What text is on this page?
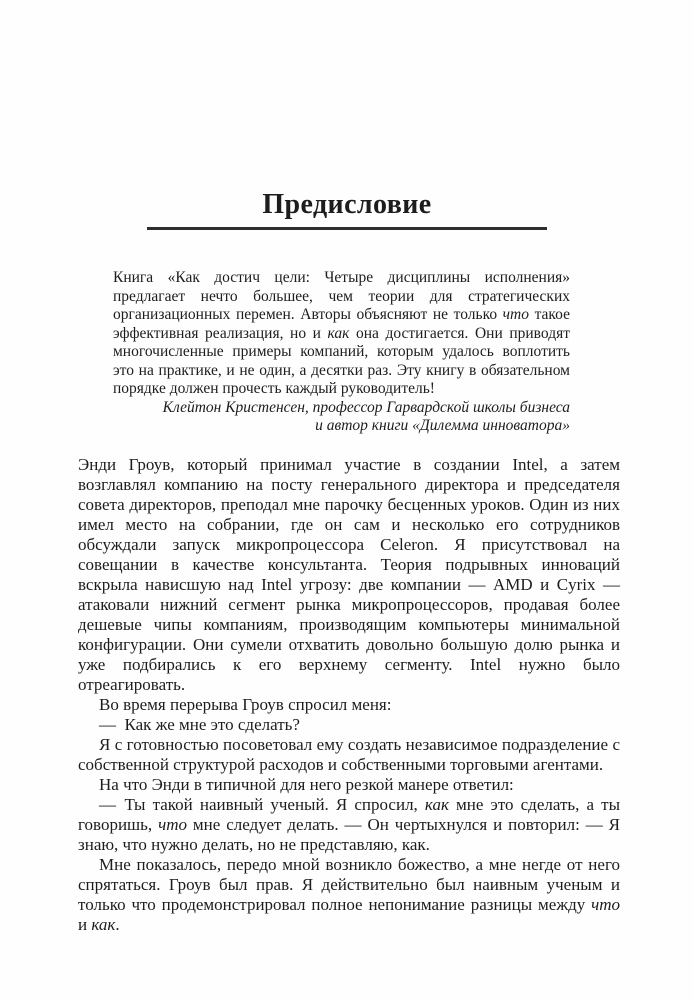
Предисловие

Книга «Как достич цели: Четыре дисциплины исполнения» предлагает нечто большее, чем теории для стратегических организационных перемен. Авторы объясняют не только что такое эффективная реализация, но и как она достигается. Они приводят многочисленные примеры компаний, которым удалось воплотить это на практике, и не один, а десятки раз. Эту книгу в обязательном порядке должен прочесть каждый руководитель!

Клейтон Кристенсен, профессор Гарвардской школы бизнеса
и автор книги «Дилемма инноватора»

Энди Гроув, который принимал участие в создании Intel, а затем возглавлял компанию на посту генерального директора и председателя совета директоров, преподал мне парочку бесценных уроков. Один из них имел место на собрании, где он сам и несколько его сотрудников обсуждали запуск микропроцессора Celeron. Я присутствовал на совещании в качестве консультанта. Теория подрывных инноваций вскрыла нависшую над Intel угрозу: две компании — AMD и Cyrix — атаковали нижний сегмент рынка микропроцессоров, продавая более дешевые чипы компаниям, производящим компьютеры минимальной конфигурации. Они сумели отхватить довольно большую долю рынка и уже подбирались к его верхнему сегменту. Intel нужно было отреагировать.

Во время перерыва Гроув спросил меня:

— Как же мне это сделать?

Я с готовностью посоветовал ему создать независимое подразделение с собственной структурой расходов и собственными торговыми агентами.

На что Энди в типичной для него резкой манере ответил:

— Ты такой наивный ученый. Я спросил, как мне это сделать, а ты говоришь, что мне следует делать. — Он чертыхнулся и повторил: — Я знаю, что нужно делать, но не представляю, как.

Мне показалось, передо мной возникло божество, а мне негде от него спрятаться. Гроув был прав. Я действительно был наивным ученым и только что продемонстрировал полное непонимание разницы между что и как.
